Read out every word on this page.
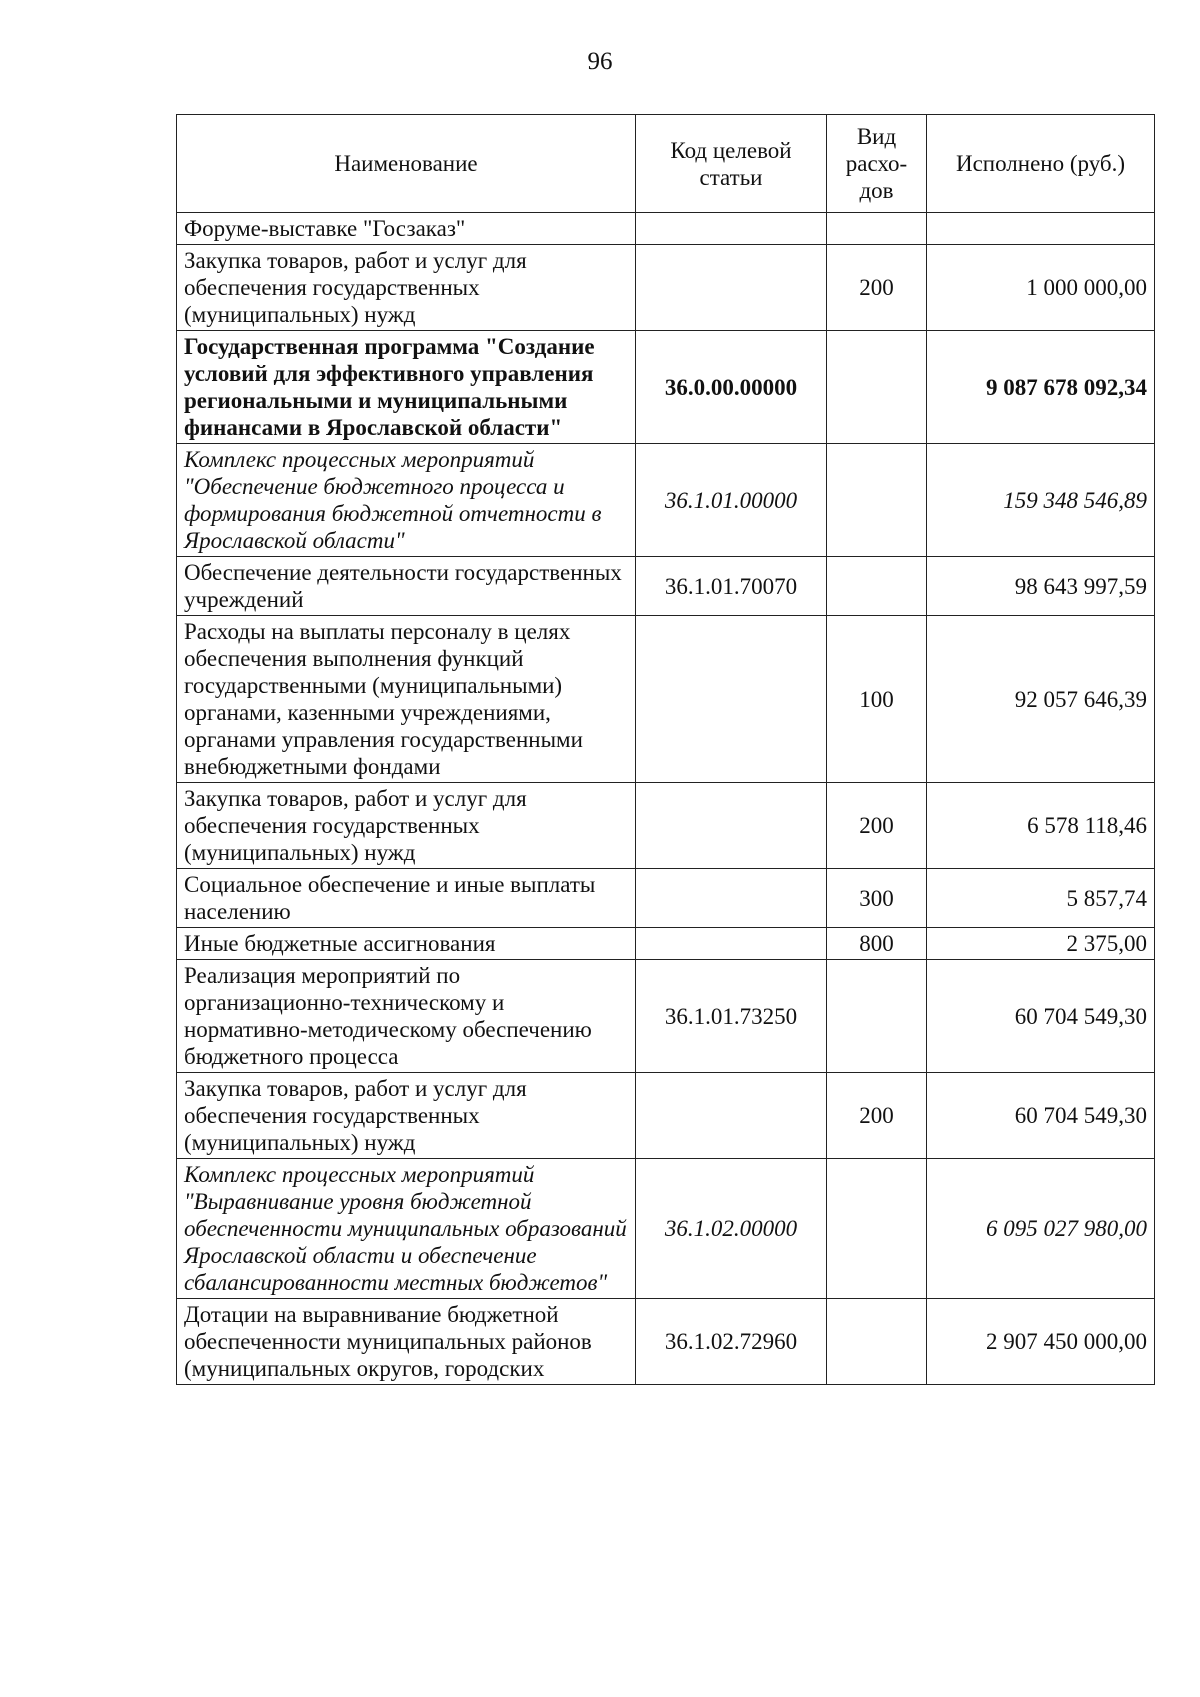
96
Наименование	Код целевой статьи	Вид расхо-дов	Исполнено (руб.)
Форуме-выставке "Госзаказ"			
Закупка товаров, работ и услуг для обеспечения государственных (муниципальных) нужд		200	1 000 000,00
Государственная программа "Создание условий для эффективного управления региональными и муниципальными финансами в Ярославской области"	36.0.00.00000		9 087 678 092,34
Комплекс процессных мероприятий "Обеспечение бюджетного процесса и формирования бюджетной отчетности в Ярославской области"	36.1.01.00000		159 348 546,89
Обеспечение деятельности государственных учреждений	36.1.01.70070		98 643 997,59
Расходы на выплаты персоналу в целях обеспечения выполнения функций государственными (муниципальными) органами, казенными учреждениями, органами управления государственными внебюджетными фондами		100	92 057 646,39
Закупка товаров, работ и услуг для обеспечения государственных (муниципальных) нужд		200	6 578 118,46
Социальное обеспечение и иные выплаты населению		300	5 857,74
Иные бюджетные ассигнования		800	2 375,00
Реализация мероприятий по организационно-техническому и нормативно-методическому обеспечению бюджетного процесса	36.1.01.73250		60 704 549,30
Закупка товаров, работ и услуг для обеспечения государственных (муниципальных) нужд		200	60 704 549,30
Комплекс процессных мероприятий "Выравнивание уровня бюджетной обеспеченности муниципальных образований Ярославской области и обеспечение сбалансированности местных бюджетов"	36.1.02.00000		6 095 027 980,00
Дотации на выравнивание бюджетной обеспеченности муниципальных районов (муниципальных округов, городских	36.1.02.72960		2 907 450 000,00
